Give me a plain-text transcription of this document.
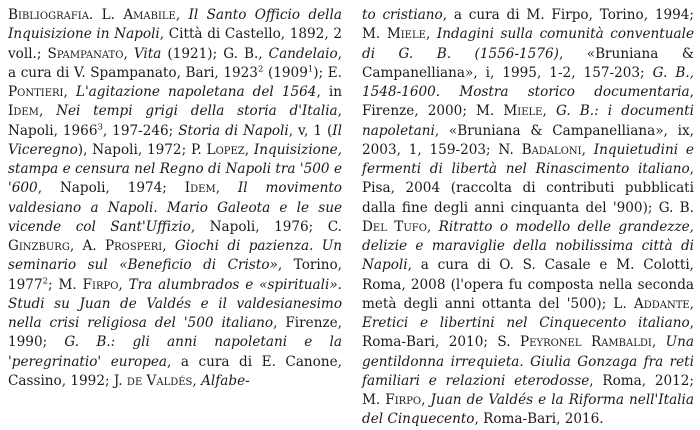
Bibliografia. L. Amabile, Il Santo Officio della Inquisizione in Napoli, Città di Castello, 1892, 2 voll.; Spampanato, Vita (1921); G. B., Candelaio, a cura di V. Spampanato, Bari, 1923$^2$ (1909$^1$); E. Pontieri, L'agitazione napoletana del 1564, in Idem, Nei tempi grigi della storia d'Italia, Napoli, 1966$^3$, 197-246; Storia di Napoli, v, 1 (Il Viceregno), Napoli, 1972; P. Lopez, Inquisizione, stampa e censura nel Regno di Napoli tra '500 e '600, Napoli, 1974; Idem, Il movimento valdesiano a Napoli. Mario Galeota e le sue vicende col Sant'Uffizio, Napoli, 1976; C. Ginzburg, A. Prosperi, Giochi di pazienza. Un seminario sul «Beneficio di Cristo», Torino, 1977$^2$; M. Firpo, Tra alumbrados e «spirituali». Studi su Juan de Valdés e il valdesianesimo nella crisi religiosa del '500 italiano, Firenze, 1990; G. B.: gli anni napoletani e la 'peregrinatio' europea, a cura di E. Canone, Cassino, 1992; J. de Valdés, Alfabe-

to cristiano, a cura di M. Firpo, Torino, 1994; M. Miele, Indagini sulla comunità conventuale di G. B. (1556-1576), «Bruniana & Campanelliana», i, 1995, 1-2, 157-203; G. B., 1548-1600. Mostra storico documentaria, Firenze, 2000; M. Miele, G. B.: i documenti napoletani, «Bruniana & Campanelliana», ix, 2003, 1, 159-203; N. Badaloni, Inquietudini e fermenti di libertà nel Rinascimento italiano, Pisa, 2004 (raccolta di contributi pubblicati dalla fine degli anni cinquanta del '900); G. B. Del Tufo, Ritratto o modello delle grandezze, delizie e maraviglie della nobilissima città di Napoli, a cura di O. S. Casale e M. Colotti, Roma, 2008 (l'opera fu composta nella seconda metà degli anni ottanta del '500); L. Addante, Eretici e libertini nel Cinquecento italiano, Roma-Bari, 2010; S. Peyronel Rambaldi, Una gentildonna irrequieta. Giulia Gonzaga fra reti familiari e relazioni eterodosse, Roma, 2012; M. Firpo, Juan de Valdés e la Riforma nell'Italia del Cinquecento, Roma-Bari, 2016.
